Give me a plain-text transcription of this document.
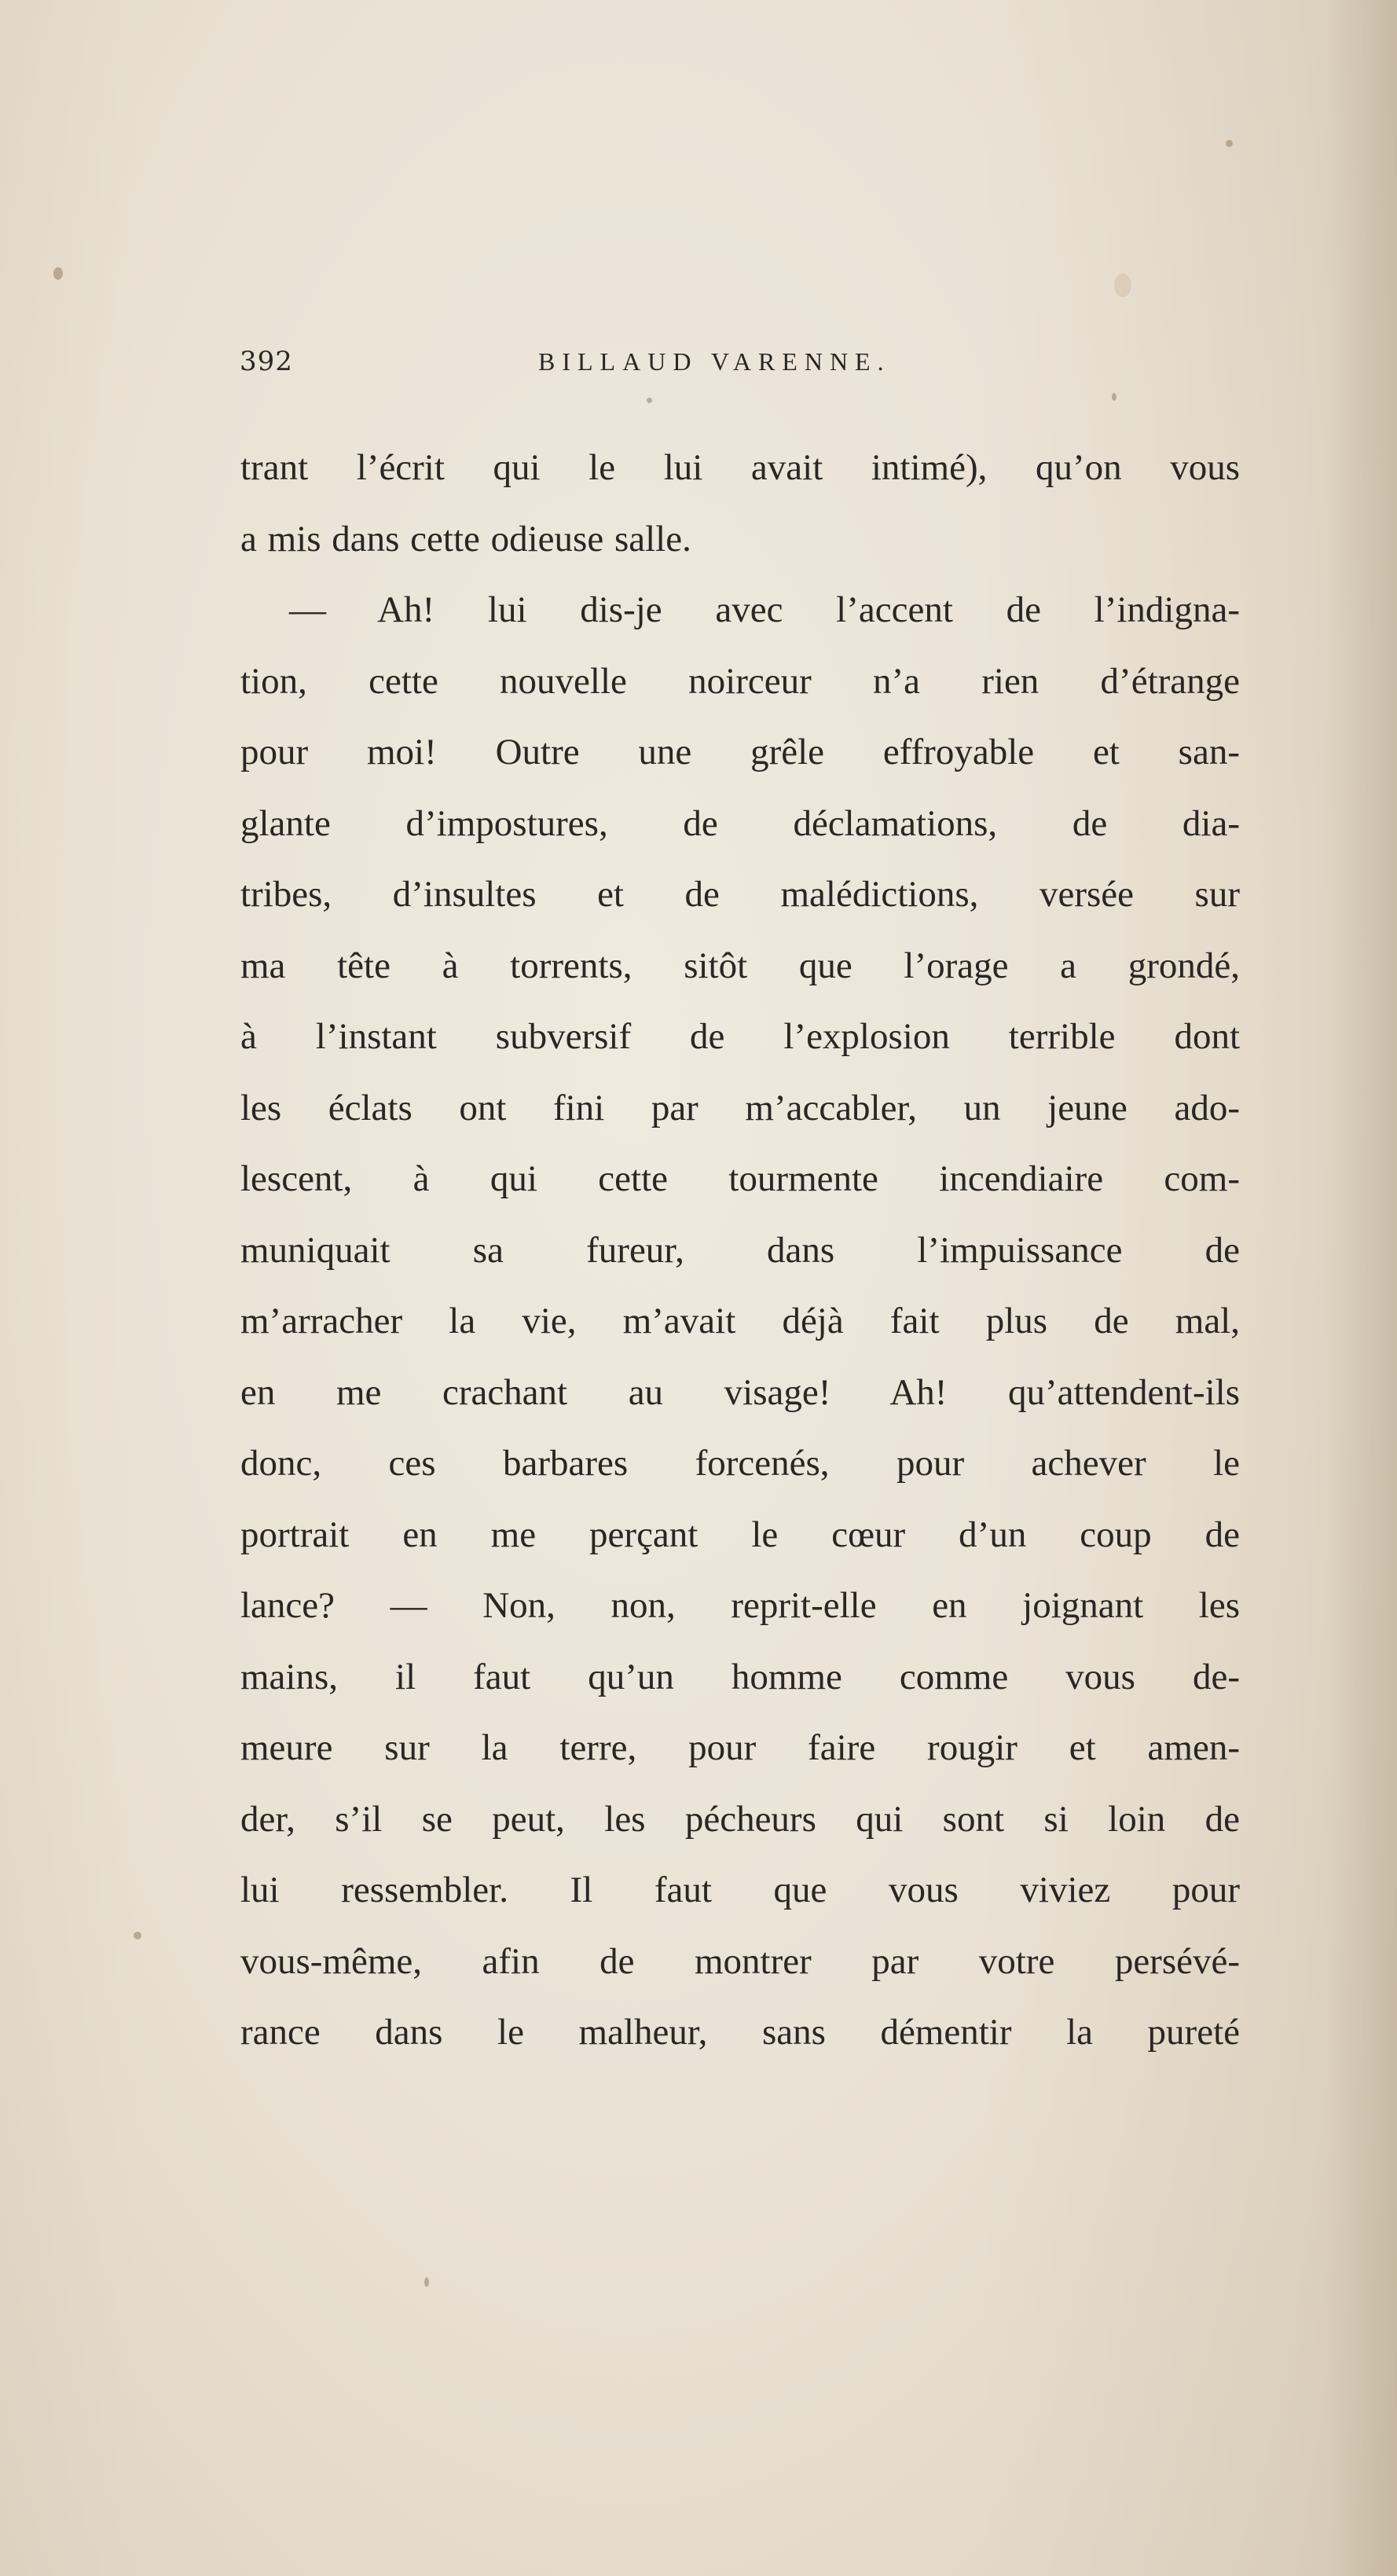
392	BILLAUD VARENNE.
trant l’écrit qui le lui avait intimé), qu’on vous
a mis dans cette odieuse salle.
— Ah! lui dis-je avec l’accent de l’indigna-
tion, cette nouvelle noirceur n’a rien d’étrange
pour moi! Outre une grêle effroyable et san-
glante d’impostures, de déclamations, de dia-
tribes, d’insultes et de malédictions, versée sur
ma tête à torrents, sitôt que l’orage a grondé,
à l’instant subversif de l’explosion terrible dont
les éclats ont fini par m’accabler, un jeune ado-
lescent, à qui cette tourmente incendiaire com-
muniquait sa fureur, dans l’impuissance de
m’arracher la vie, m’avait déjà fait plus de mal,
en me crachant au visage! Ah! qu’attendent-ils
donc, ces barbares forcenés, pour achever le
portrait en me perçant le cœur d’un coup de
lance? — Non, non, reprit-elle en joignant les
mains, il faut qu’un homme comme vous de-
meure sur la terre, pour faire rougir et amen-
der, s’il se peut, les pécheurs qui sont si loin de
lui ressembler. Il faut que vous viviez pour
vous-même, afin de montrer par votre persévé-
rance dans le malheur, sans démentir la pureté
